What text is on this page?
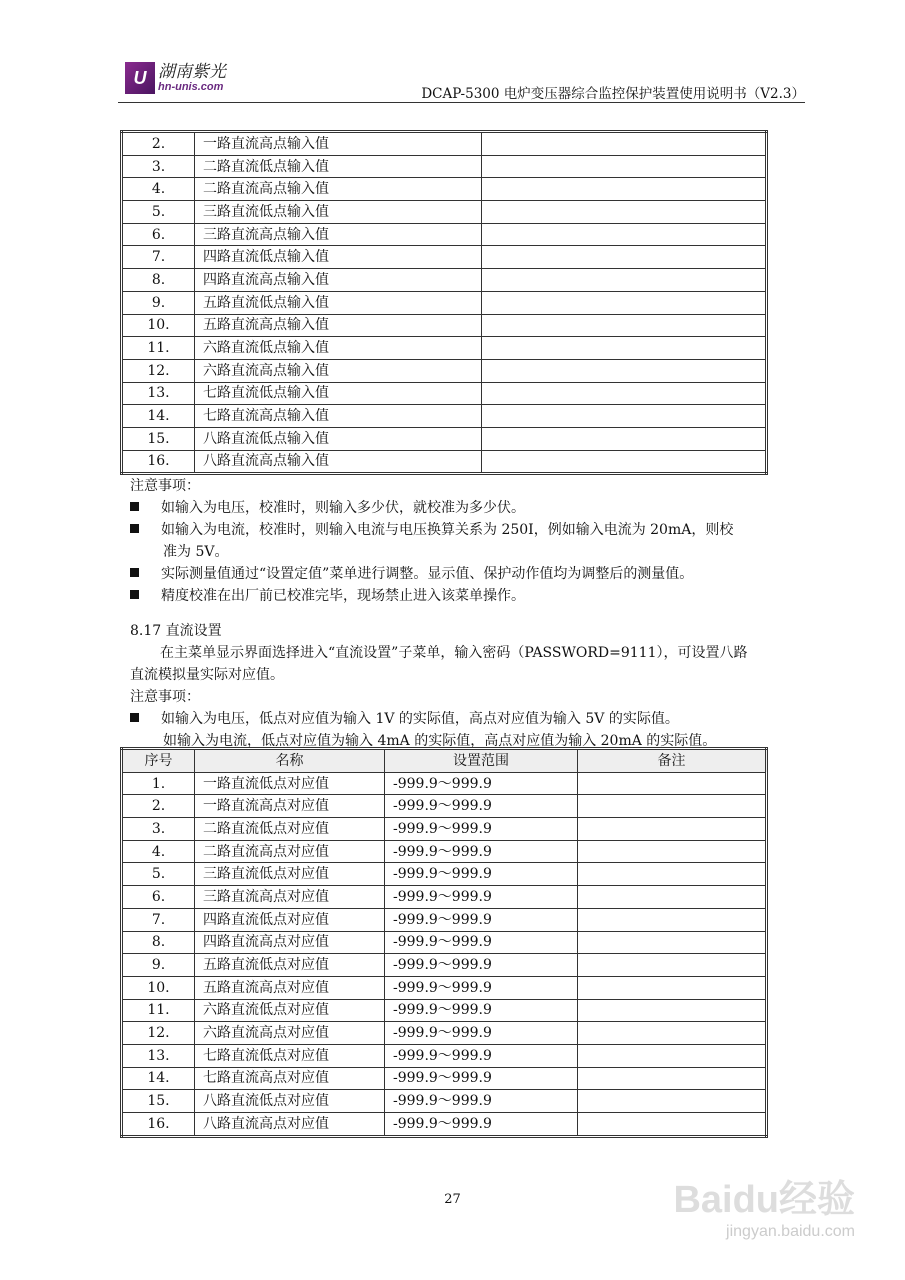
U 湖南紫光
hn-unis.com	DCAP-5300 电炉变压器综合监控保护装置使用说明书（V2.3）
2.	一路直流高点输入值	
3.	二路直流低点输入值	
4.	二路直流高点输入值	
5.	三路直流低点输入值	
6.	三路直流高点输入值	
7.	四路直流低点输入值	
8.	四路直流高点输入值	
9.	五路直流低点输入值	
10.	五路直流高点输入值	
11.	六路直流低点输入值	
12.	六路直流高点输入值	
13.	七路直流低点输入值	
14.	七路直流高点输入值	
15.	八路直流低点输入值	
16.	八路直流高点输入值	
注意事项：
如输入为电压，校准时，则输入多少伏，就校准为多少伏。
如输入为电流，校准时，则输入电流与电压换算关系为 250I，例如输入电流为 20mA，则校
准为 5V。
实际测量值通过“设置定值”菜单进行调整。显示值、保护动作值均为调整后的测量值。
精度校准在出厂前已校准完毕，现场禁止进入该菜单操作。
8.17 直流设置
在主菜单显示界面选择进入“直流设置”子菜单，输入密码（PASSWORD=9111），可设置八路
直流模拟量实际对应值。
注意事项：
如输入为电压，低点对应值为输入 1V 的实际值，高点对应值为输入 5V 的实际值。
如输入为电流，低点对应值为输入 4mA 的实际值，高点对应值为输入 20mA 的实际值。
序号	名称	设置范围	备注
1.	一路直流低点对应值	-999.9～999.9	
2.	一路直流高点对应值	-999.9～999.9	
3.	二路直流低点对应值	-999.9～999.9	
4.	二路直流高点对应值	-999.9～999.9	
5.	三路直流低点对应值	-999.9～999.9	
6.	三路直流高点对应值	-999.9～999.9	
7.	四路直流低点对应值	-999.9～999.9	
8.	四路直流高点对应值	-999.9～999.9	
9.	五路直流低点对应值	-999.9～999.9	
10.	五路直流高点对应值	-999.9～999.9	
11.	六路直流低点对应值	-999.9～999.9	
12.	六路直流高点对应值	-999.9～999.9	
13.	七路直流低点对应值	-999.9～999.9	
14.	七路直流高点对应值	-999.9～999.9	
15.	八路直流低点对应值	-999.9～999.9	
16.	八路直流高点对应值	-999.9～999.9	
27	Baidu经验
jingyan.baidu.com
